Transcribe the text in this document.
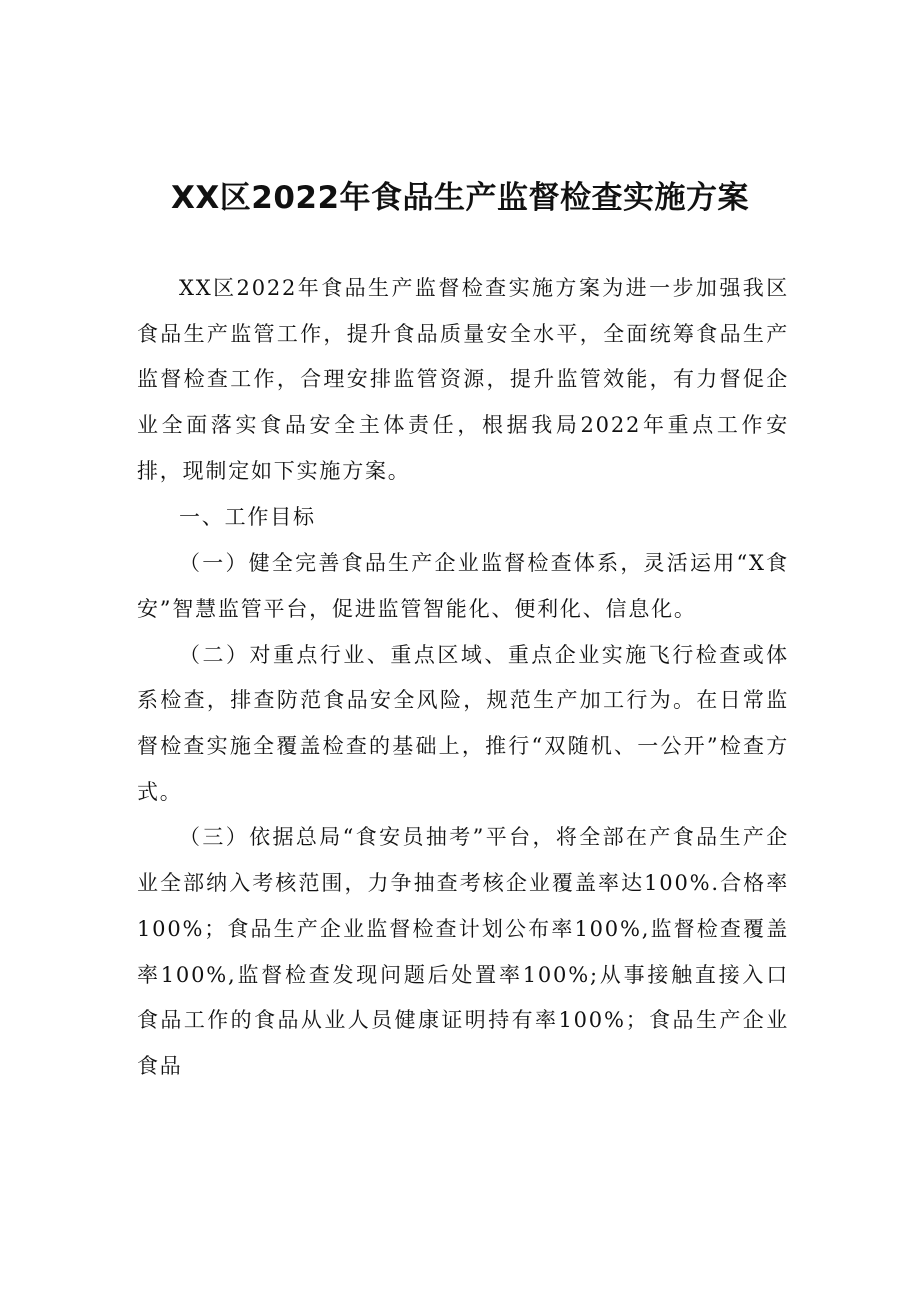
XX区2022年食品生产监督检查实施方案

XX区2022年食品生产监督检查实施方案为进一步加强我区食品生产监管工作，提升食品质量安全水平，全面统筹食品生产监督检查工作，合理安排监管资源，提升监管效能，有力督促企业全面落实食品安全主体责任，根据我局2022年重点工作安排，现制定如下实施方案。

一、工作目标

（一）健全完善食品生产企业监督检查体系，灵活运用“X食安”智慧监管平台，促进监管智能化、便利化、信息化。

（二）对重点行业、重点区域、重点企业实施飞行检查或体系检查，排查防范食品安全风险，规范生产加工行为。在日常监督检查实施全覆盖检查的基础上，推行“双随机、一公开”检查方式。

（三）依据总局“食安员抽考”平台，将全部在产食品生产企业全部纳入考核范围，力争抽查考核企业覆盖率达100%.合格率100%；食品生产企业监督检查计划公布率100%,监督检查覆盖率100%,监督检查发现问题后处置率100%;从事接触直接入口食品工作的食品从业人员健康证明持有率100%；食品生产企业食品
